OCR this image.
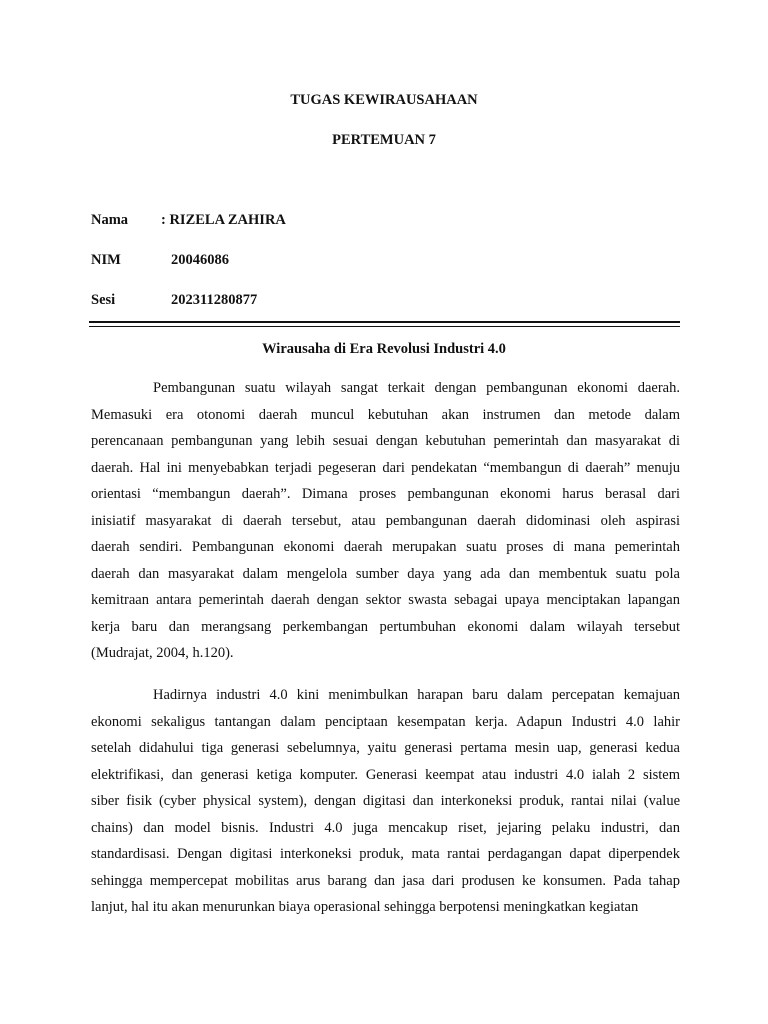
TUGAS KEWIRAUSAHAAN
PERTEMUAN 7
Nama : RIZELA ZAHIRA
NIM	20046086
Sesi	202311280877
Wirausaha di Era Revolusi Industri 4.0
Pembangunan suatu wilayah sangat terkait dengan pembangunan ekonomi daerah.
Memasuki era otonomi daerah muncul kebutuhan akan instrumen dan metode dalam
perencanaan pembangunan yang lebih sesuai dengan kebutuhan pemerintah dan masyarakat di
daerah. Hal ini menyebabkan terjadi pegeseran dari pendekatan “membangun di daerah” menuju
orientasi “membangun daerah”. Dimana proses pembangunan ekonomi harus berasal dari
inisiatif masyarakat di daerah tersebut, atau pembangunan daerah didominasi oleh aspirasi
daerah sendiri. Pembangunan ekonomi daerah merupakan suatu proses di mana pemerintah
daerah dan masyarakat dalam mengelola sumber daya yang ada dan membentuk suatu pola
kemitraan antara pemerintah daerah dengan sektor swasta sebagai upaya menciptakan lapangan
kerja baru dan merangsang perkembangan pertumbuhan ekonomi dalam wilayah tersebut
(Mudrajat, 2004, h.120).
Hadirnya industri 4.0 kini menimbulkan harapan baru dalam percepatan kemajuan
ekonomi sekaligus tantangan dalam penciptaan kesempatan kerja. Adapun Industri 4.0 lahir
setelah didahului tiga generasi sebelumnya, yaitu generasi pertama mesin uap, generasi kedua
elektrifikasi, dan generasi ketiga komputer. Generasi keempat atau industri 4.0 ialah 2 sistem
siber fisik (cyber physical system), dengan digitasi dan interkoneksi produk, rantai nilai (value
chains) dan model bisnis. Industri 4.0 juga mencakup riset, jejaring pelaku industri, dan
standardisasi. Dengan digitasi interkoneksi produk, mata rantai perdagangan dapat diperpendek
sehingga mempercepat mobilitas arus barang dan jasa dari produsen ke konsumen. Pada tahap
lanjut, hal itu akan menurunkan biaya operasional sehingga berpotensi meningkatkan kegiatan
